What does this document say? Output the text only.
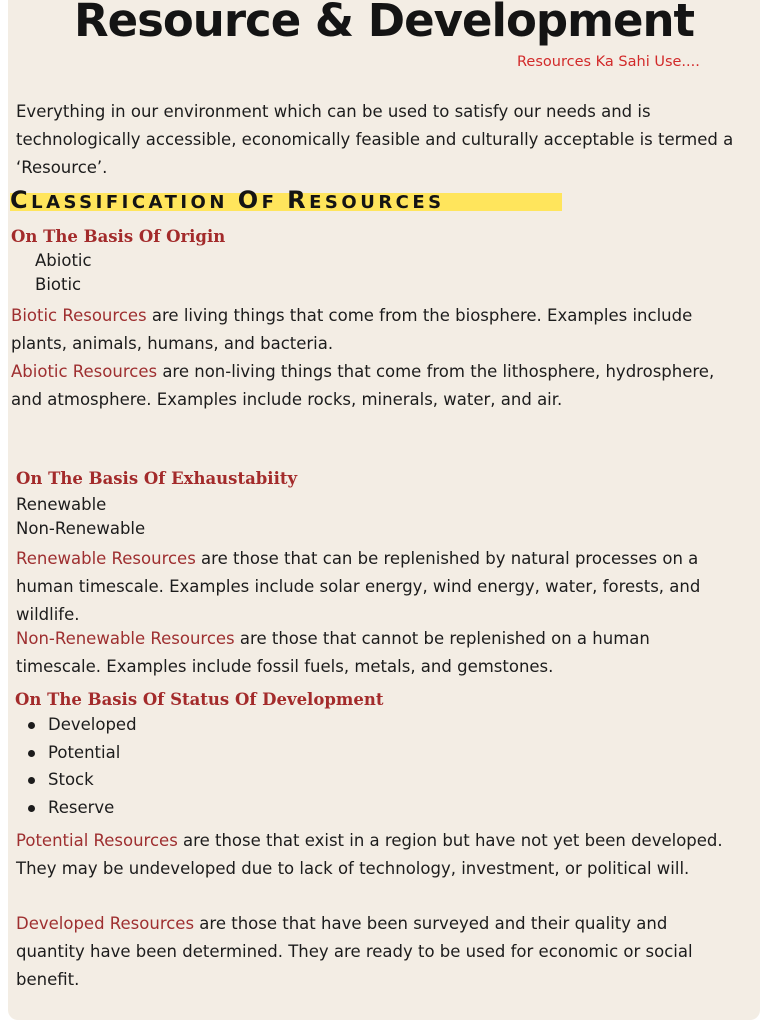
Resource & Development
Resources Ka Sahi Use....

Everything in our environment which can be used to satisfy our needs and is technologically accessible, economically feasible and culturally acceptable is termed a ‘Resource’.

CLASSIFICATION OF RESOURCES
On The Basis Of Origin
Abiotic
Biotic

Biotic Resources are living things that come from the biosphere. Examples include plants, animals, humans, and bacteria.

Abiotic Resources are non-living things that come from the lithosphere, hydrosphere, and atmosphere. Examples include rocks, minerals, water, and air.

On The Basis Of Exhaustabiity
Renewable
Non-Renewable

Renewable Resources are those that can be replenished by natural processes on a human timescale. Examples include solar energy, wind energy, water, forests, and wildlife.

Non-Renewable Resources are those that cannot be replenished on a human timescale. Examples include fossil fuels, metals, and gemstones.

On The Basis Of Status Of Development
Developed
Potential
Stock
Reserve

Potential Resources are those that exist in a region but have not yet been developed. They may be undeveloped due to lack of technology, investment, or political will.

Developed Resources are those that have been surveyed and their quality and quantity have been determined. They are ready to be used for economic or social benefit.
